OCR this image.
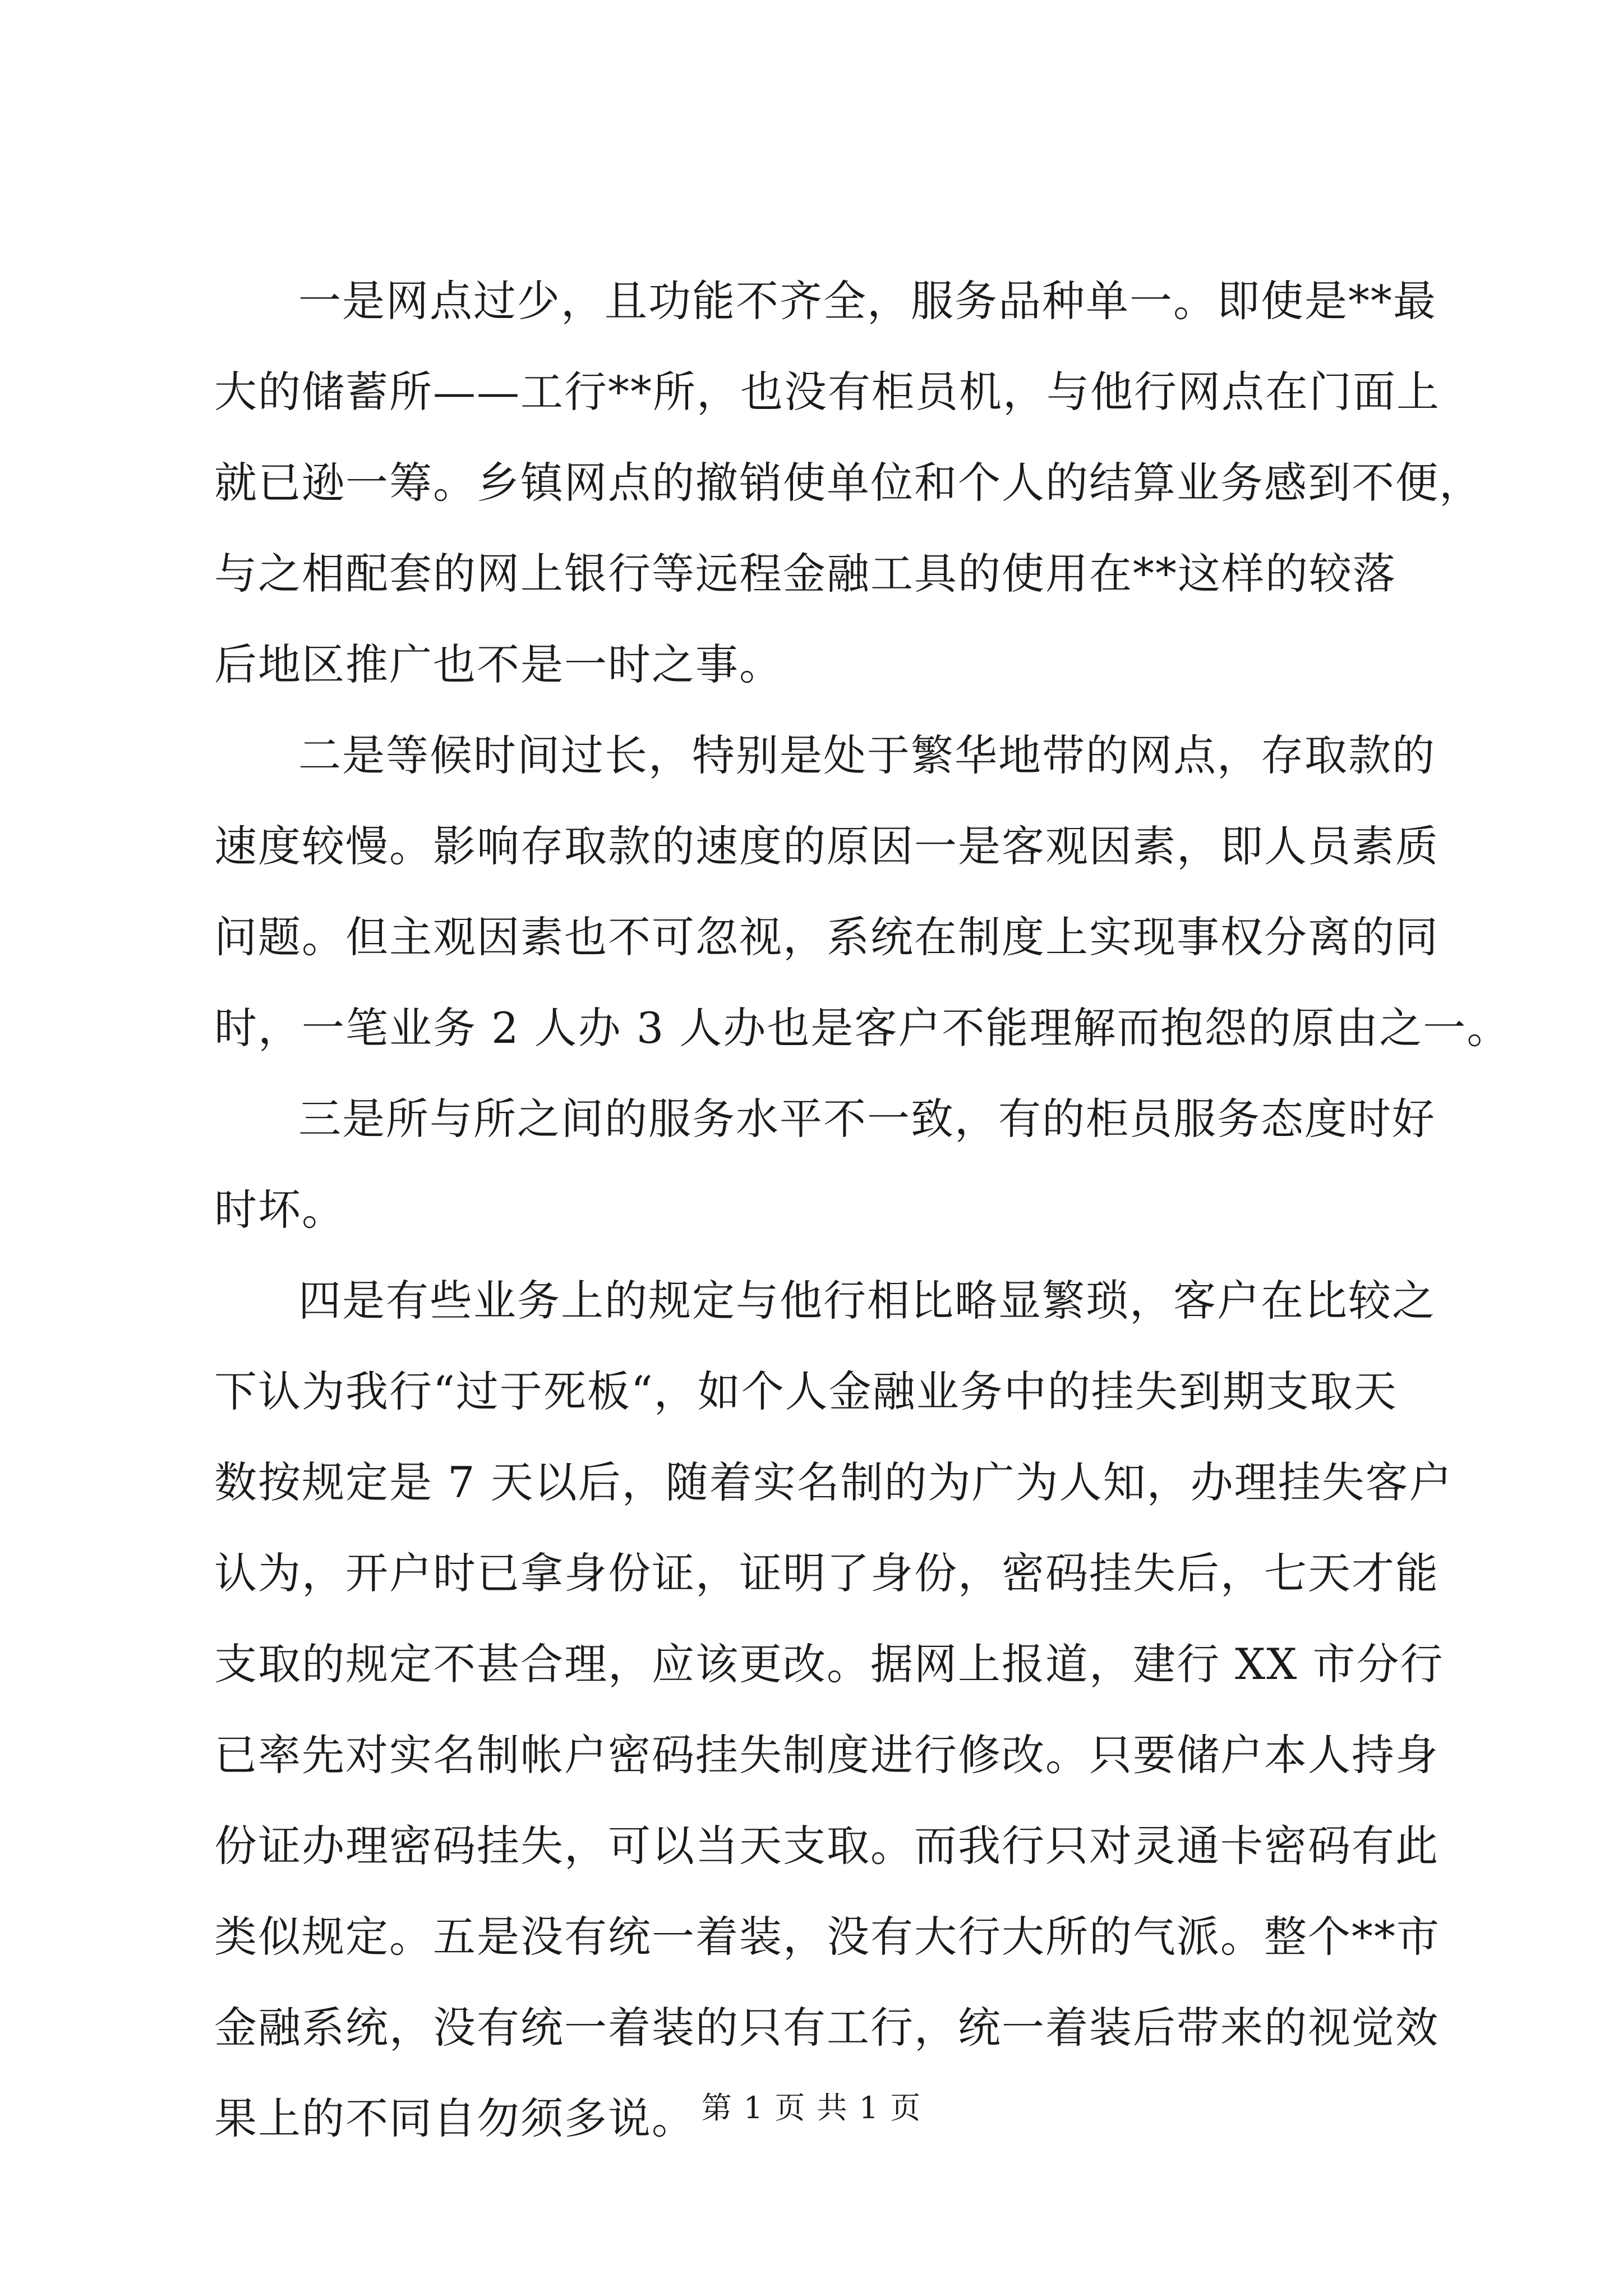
一是网点过少，且功能不齐全，服务品种单一。即使是**最
大的储蓄所——工行**所，也没有柜员机，与他行网点在门面上
就已逊一筹。乡镇网点的撤销使单位和个人的结算业务感到不便，
与之相配套的网上银行等远程金融工具的使用在**这样的较落
后地区推广也不是一时之事。
二是等候时间过长，特别是处于繁华地带的网点，存取款的
速度较慢。影响存取款的速度的原因一是客观因素，即人员素质
问题。但主观因素也不可忽视，系统在制度上实现事权分离的同
时，一笔业务 2 人办 3 人办也是客户不能理解而抱怨的原由之一。
三是所与所之间的服务水平不一致，有的柜员服务态度时好
时坏。
四是有些业务上的规定与他行相比略显繁琐，客户在比较之
下认为我行“过于死板“，如个人金融业务中的挂失到期支取天
数按规定是 7 天以后，随着实名制的为广为人知，办理挂失客户
认为，开户时已拿身份证，证明了身份，密码挂失后，七天才能
支取的规定不甚合理，应该更改。据网上报道，建行 XX 市分行
已率先对实名制帐户密码挂失制度进行修改。只要储户本人持身
份证办理密码挂失，可以当天支取。而我行只对灵通卡密码有此
类似规定。五是没有统一着装，没有大行大所的气派。整个**市
金融系统，没有统一着装的只有工行，统一着装后带来的视觉效
果上的不同自勿须多说。 第 1 页 共 1 页
